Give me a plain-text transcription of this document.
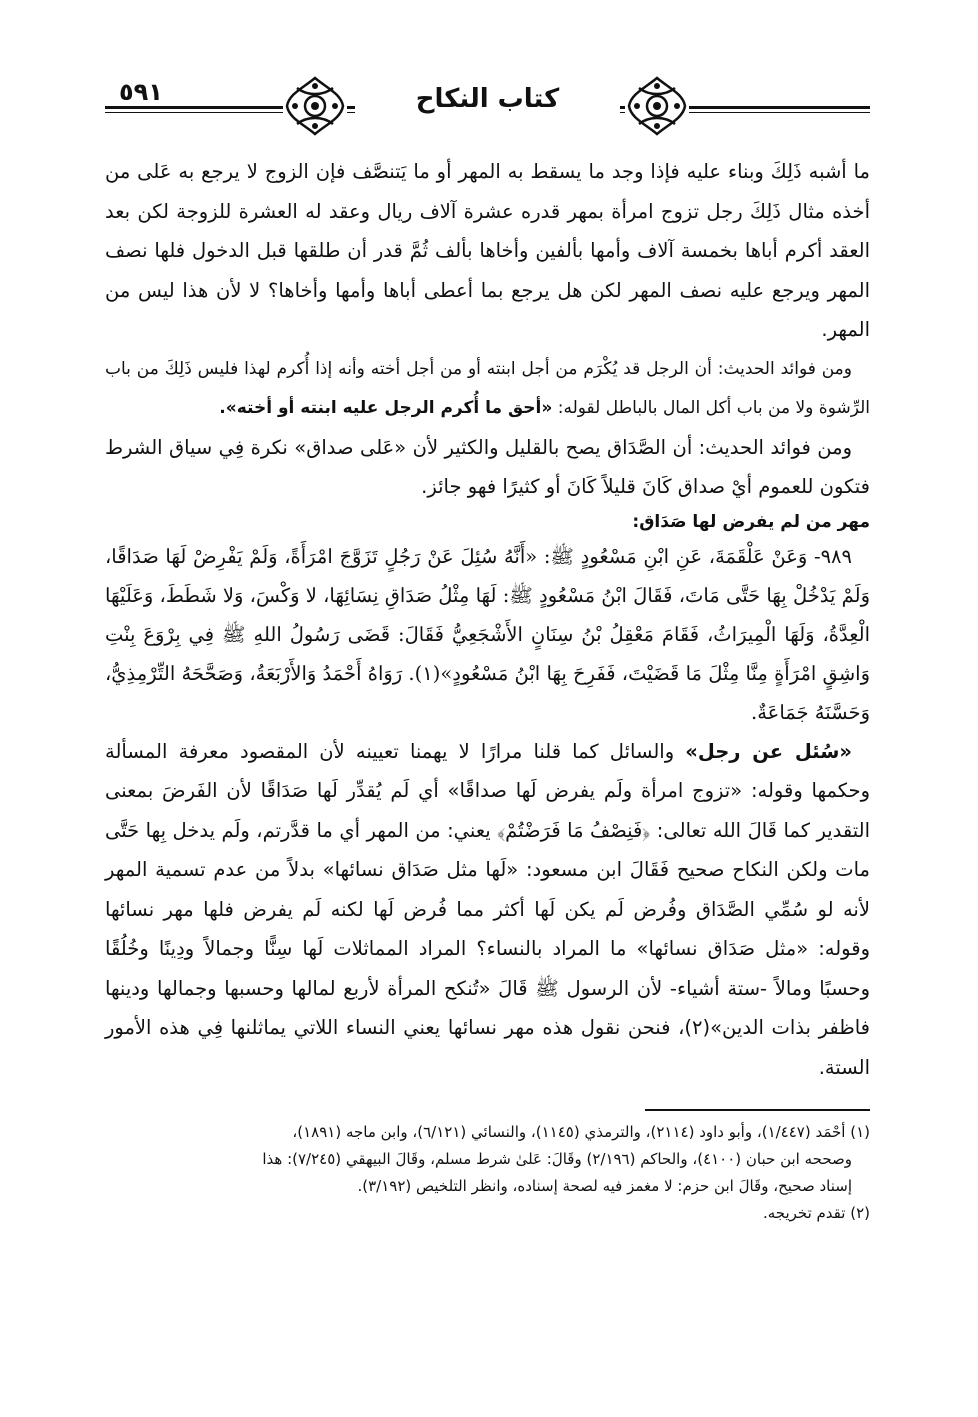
كتاب النكاح
٥٩١

ما أشبه ذَلِكَ وبناء عليه فإذا وجد ما يسقط به المهر أو ما يَتنصَّف فإن الزوج لا يرجع به عَلى من أخذه مثال ذَلِكَ رجل تزوج امرأة بمهر قدره عشرة آلاف ريال وعقد له العشرة للزوجة لكن بعد العقد أكرم أباها بخمسة آلاف وأمها بألفين وأخاها بألف ثُمَّ قدر أن طلقها قبل الدخول فلها نصف المهر ويرجع عليه نصف المهر لكن هل يرجع بما أعطى أباها وأمها وأخاها؟ لا لأن هذا ليس من المهر.

ومن فوائد الحديث: أن الرجل قد يُكْرَم من أجل ابنته أو من أجل أخته وأنه إذا أُكرم لهذا فليس ذَلِكَ من باب الرِّشوة ولا من باب أكل المال بالباطل لقوله: «أحق ما أُكرم الرجل عليه ابنته أو أخته».

ومن فوائد الحديث: أن الصَّدَاق يصح بالقليل والكثير لأن «عَلى صداق» نكرة فِي سياق الشرط فتكون للعموم أيْ صداق كَانَ قليلاً كَانَ أو كثيرًا فهو جائز.

مهر من لم يفرض لها صَدَاق:

٩٨٩- وَعَنْ عَلْقَمَةَ، عَنِ ابْنِ مَسْعُودٍ ﷺ: «أَنَّهُ سُئِلَ عَنْ رَجُلٍ تَزَوَّجَ امْرَأَةً، وَلَمْ يَفْرِضْ لَهَا صَدَاقًا، وَلَمْ يَدْخُلْ بِهَا حَتَّى مَاتَ، فَقَالَ ابْنُ مَسْعُودٍ ﷺ: لَهَا مِثْلُ صَدَاقِ نِسَائِهَا، لا وَكْسَ، وَلا شَطَطَ، وَعَلَيْهَا الْعِدَّةُ، وَلَهَا الْمِيرَاثُ، فَقَامَ مَعْقِلُ بْنُ سِنَانٍ الأَشْجَعِيُّ فَقَالَ: قَضَى رَسُولُ اللهِ ﷺ فِي بِرْوَعَ بِنْتِ وَاشِقٍ امْرَأَةٍ مِنَّا مِثْلَ مَا قَضَيْتَ، فَفَرِحَ بِهَا ابْنُ مَسْعُودٍ»(١). رَوَاهُ أَحْمَدُ وَالأَرْبَعَةُ، وَصَحَّحَهُ التِّرْمِذِيُّ، وَحَسَّنَهُ جَمَاعَةٌ.

«سُئل عن رجل» والسائل كما قلنا مرارًا لا يهمنا تعيينه لأن المقصود معرفة المسألة وحكمها وقوله: «تزوج امرأة ولَم يفرض لَها صداقًا» أي لَم يُقدِّر لَها صَدَاقًا لأن الفَرضَ بمعنى التقدير كما قَالَ الله تعالى: ﴿فَنِصْفُ مَا فَرَضْتُمْ﴾ يعني: من المهر أي ما قدَّرتم، ولَم يدخل بِها حَتَّى مات ولكن النكاح صحيح فَقَالَ ابن مسعود: «لَها مثل صَدَاق نسائها» بدلاً من عدم تسمية المهر لأنه لو سُمِّي الصَّدَاق وفُرض لَم يكن لَها أكثر مما فُرض لَها لكنه لَم يفرض فلها مهر نسائها وقوله: «مثل صَدَاق نسائها» ما المراد بالنساء؟ المراد المماثلات لَها سِنًّا وجمالاً ودِينًا وخُلُقًا وحسبًا ومالاً -ستة أشياء- لأن الرسول ﷺ قَالَ «تُنكح المرأة لأربع لمالها وحسبها وجمالها ودينها فاظفر بذات الدين»(٢)، فنحن نقول هذه مهر نسائها يعني النساء اللاتي يماثلنها فِي هذه الأمور الستة.

(١) أحْمَد (١/٤٤٧)، وأبو داود (٢١١٤)، والترمذي (١١٤٥)، والنسائي (٦/١٢١)، وابن ماجه (١٨٩١)،

وصححه ابن حبان (٤١٠٠)، والحاكم (٢/١٩٦) وقَالَ: عَلىٰ شرط مسلم، وقَالَ البيهقي (٧/٢٤٥): هذا

إسناد صحيح، وقَالَ ابن حزم: لا مغمز فيه لصحة إسناده، وانظر التلخيص (٣/١٩٢).

(٢) تقدم تخريجه.
